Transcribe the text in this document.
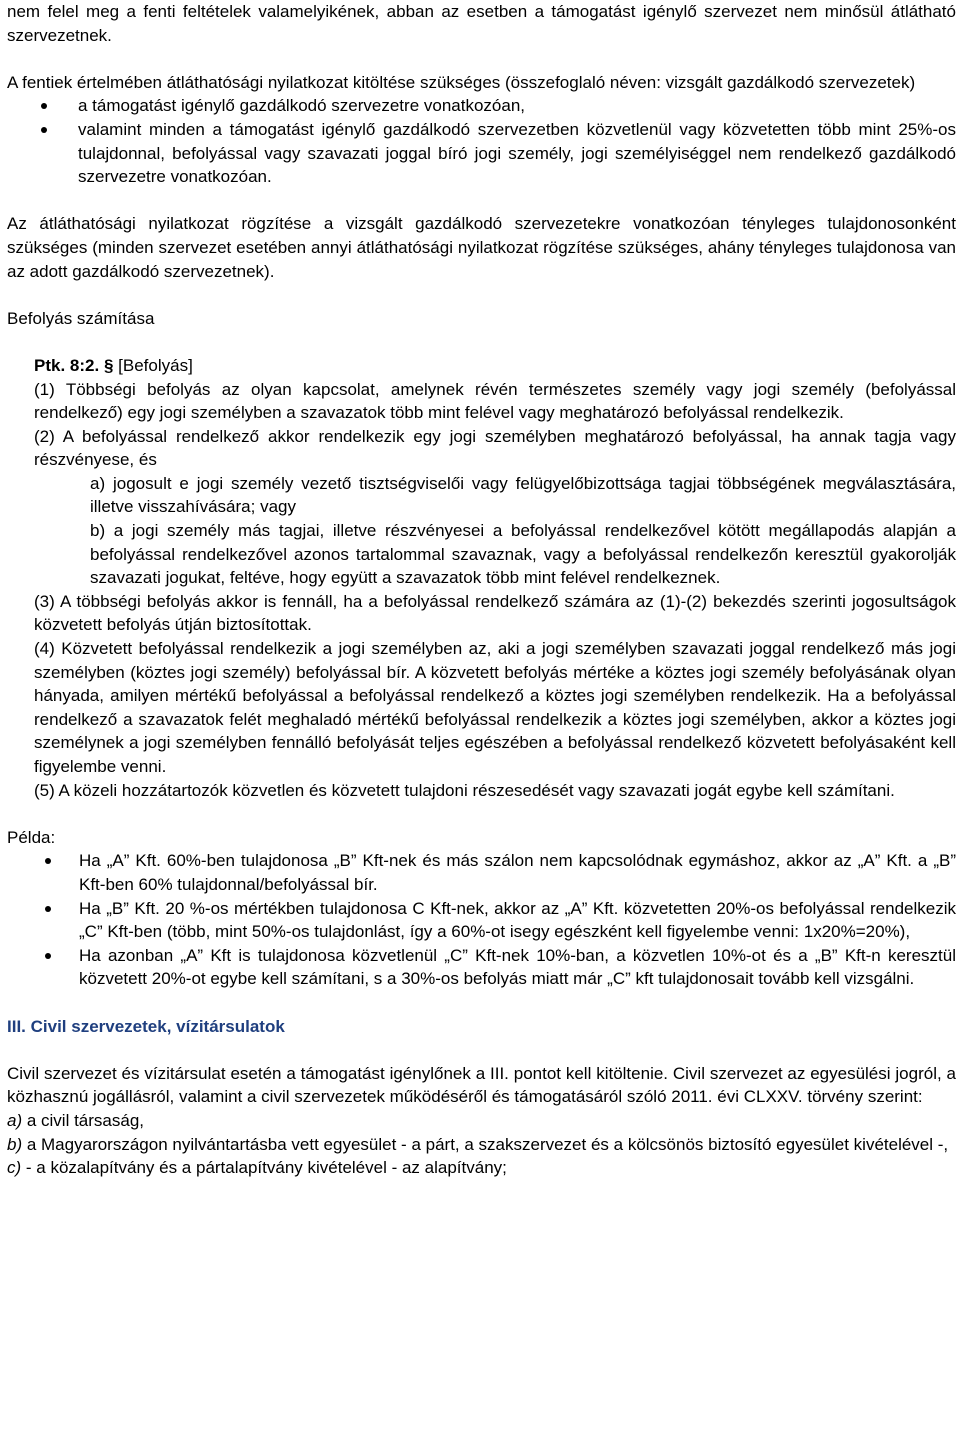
nem felel meg a fenti feltételek valamelyikének, abban az esetben a támogatást igénylő szervezet nem minősül átlátható szervezetnek.

A fentiek értelmében átláthatósági nyilatkozat kitöltése szükséges (összefoglaló néven: vizsgált gazdálkodó szervezetek)

a támogatást igénylő gazdálkodó szervezetre vonatkozóan,
valamint minden a támogatást igénylő gazdálkodó szervezetben közvetlenül vagy közvetetten több mint 25%-os tulajdonnal, befolyással vagy szavazati joggal bíró jogi személy, jogi személyiséggel nem rendelkező gazdálkodó szervezetre vonatkozóan.

Az átláthatósági nyilatkozat rögzítése a vizsgált gazdálkodó szervezetekre vonatkozóan tényleges tulajdonosonként szükséges (minden szervezet esetében annyi átláthatósági nyilatkozat rögzítése szükséges, ahány tényleges tulajdonosa van az adott gazdálkodó szervezetnek).

Befolyás számítása

Ptk. 8:2. § [Befolyás]

(1) Többségi befolyás az olyan kapcsolat, amelynek révén természetes személy vagy jogi személy (befolyással rendelkező) egy jogi személyben a szavazatok több mint felével vagy meghatározó befolyással rendelkezik.

(2) A befolyással rendelkező akkor rendelkezik egy jogi személyben meghatározó befolyással, ha annak tagja vagy részvényese, és

a) jogosult e jogi személy vezető tisztségviselői vagy felügyelőbizottsága tagjai többségének megválasztására, illetve visszahívására; vagy

b) a jogi személy más tagjai, illetve részvényesei a befolyással rendelkezővel kötött megállapodás alapján a befolyással rendelkezővel azonos tartalommal szavaznak, vagy a befolyással rendelkezőn keresztül gyakorolják szavazati jogukat, feltéve, hogy együtt a szavazatok több mint felével rendelkeznek.

(3) A többségi befolyás akkor is fennáll, ha a befolyással rendelkező számára az (1)-(2) bekezdés szerinti jogosultságok közvetett befolyás útján biztosítottak.

(4) Közvetett befolyással rendelkezik a jogi személyben az, aki a jogi személyben szavazati joggal rendelkező más jogi személyben (köztes jogi személy) befolyással bír. A közvetett befolyás mértéke a köztes jogi személy befolyásának olyan hányada, amilyen mértékű befolyással a befolyással rendelkező a köztes jogi személyben rendelkezik. Ha a befolyással rendelkező a szavazatok felét meghaladó mértékű befolyással rendelkezik a köztes jogi személyben, akkor a köztes jogi személynek a jogi személyben fennálló befolyását teljes egészében a befolyással rendelkező közvetett befolyásaként kell figyelembe venni.

(5) A közeli hozzátartozók közvetlen és közvetett tulajdoni részesedését vagy szavazati jogát egybe kell számítani.

Példa:

Ha „A” Kft. 60%-ben tulajdonosa „B” Kft-nek és más szálon nem kapcsolódnak egymáshoz, akkor az „A” Kft. a „B” Kft-ben 60% tulajdonnal/befolyással bír.
Ha „B” Kft. 20 %-os mértékben tulajdonosa C Kft-nek, akkor az „A” Kft. közvetetten 20%-os befolyással rendelkezik „C” Kft-ben (több, mint 50%-os tulajdonlást, így a 60%-ot isegy egészként kell figyelembe venni: 1x20%=20%),
Ha azonban „A” Kft is tulajdonosa közvetlenül „C” Kft-nek 10%-ban, a közvetlen 10%-ot és a „B” Kft-n keresztül közvetett 20%-ot egybe kell számítani, s a 30%-os befolyás miatt már „C” kft tulajdonosait tovább kell vizsgálni.

III. Civil szervezetek, vízitársulatok

Civil szervezet és vízitársulat esetén a támogatást igénylőnek a III. pontot kell kitöltenie. Civil szervezet az egyesülési jogról, a közhasznú jogállásról, valamint a civil szervezetek működéséről és támogatásáról szóló 2011. évi CLXXV. törvény szerint:

a) a civil társaság,

b) a Magyarországon nyilvántartásba vett egyesület - a párt, a szakszervezet és a kölcsönös biztosító egyesület kivételével -,

c) - a közalapítvány és a pártalapítvány kivételével - az alapítvány;
